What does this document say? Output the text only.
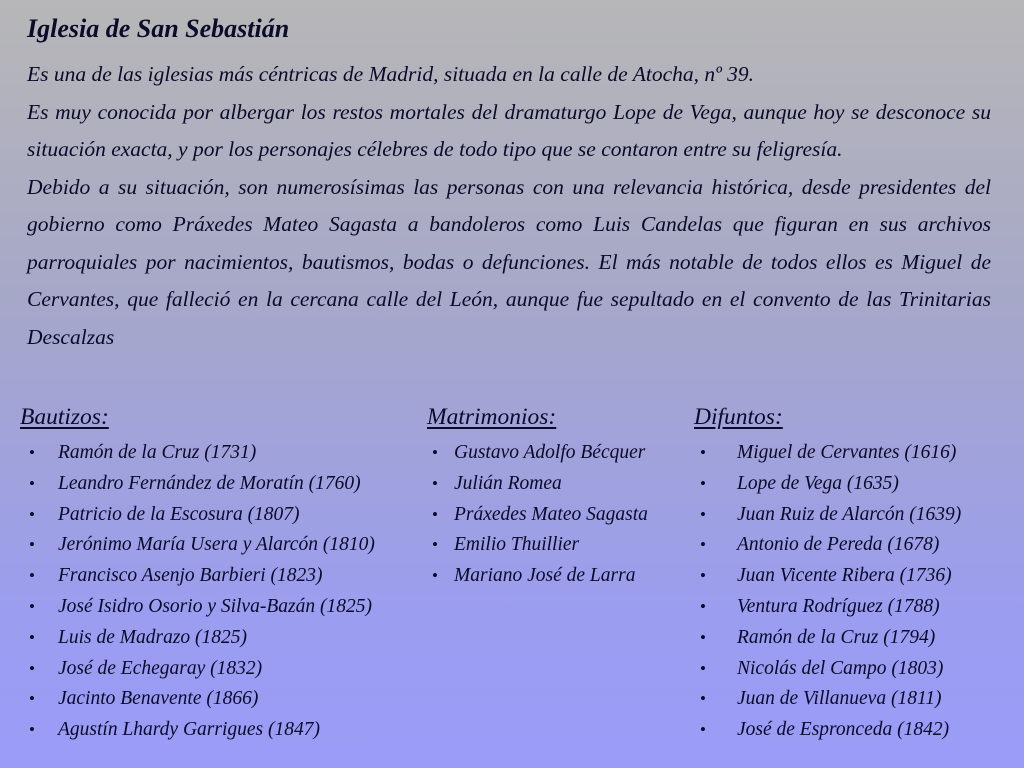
Iglesia de San Sebastián

Es una de las iglesias más céntricas de Madrid, situada en la calle de Atocha, nº 39.

Es muy conocida por albergar los restos mortales del dramaturgo Lope de Vega, aunque hoy se desconoce su situación exacta, y por los personajes célebres de todo tipo que se contaron entre su feligresía.

Debido a su situación, son numerosísimas las personas con una relevancia histórica, desde presidentes del gobierno como Práxedes Mateo Sagasta a bandoleros como Luis Candelas que figuran en sus archivos parroquiales por nacimientos, bautismos, bodas o defunciones. El más notable de todos ellos es Miguel de Cervantes, que falleció en la cercana calle del León, aunque fue sepultado en el convento de las Trinitarias Descalzas

Bautizos:
• Ramón de la Cruz (1731)
• Leandro Fernández de Moratín (1760)
• Patricio de la Escosura (1807)
• Jerónimo María Usera y Alarcón (1810)
• Francisco Asenjo Barbieri (1823)
• José Isidro Osorio y Silva-Bazán (1825)
• Luis de Madrazo (1825)
• José de Echegaray (1832)
• Jacinto Benavente (1866)
• Agustín Lhardy Garrigues (1847)
Matrimonios:
• Gustavo Adolfo Bécquer
• Julián Romea
• Práxedes Mateo Sagasta
• Emilio Thuillier
• Mariano José de Larra
Difuntos:
• Miguel de Cervantes (1616)
• Lope de Vega (1635)
• Juan Ruiz de Alarcón (1639)
• Antonio de Pereda (1678)
• Juan Vicente Ribera (1736)
• Ventura Rodríguez (1788)
• Ramón de la Cruz (1794)
• Nicolás del Campo (1803)
• Juan de Villanueva (1811)
• José de Espronceda (1842)
